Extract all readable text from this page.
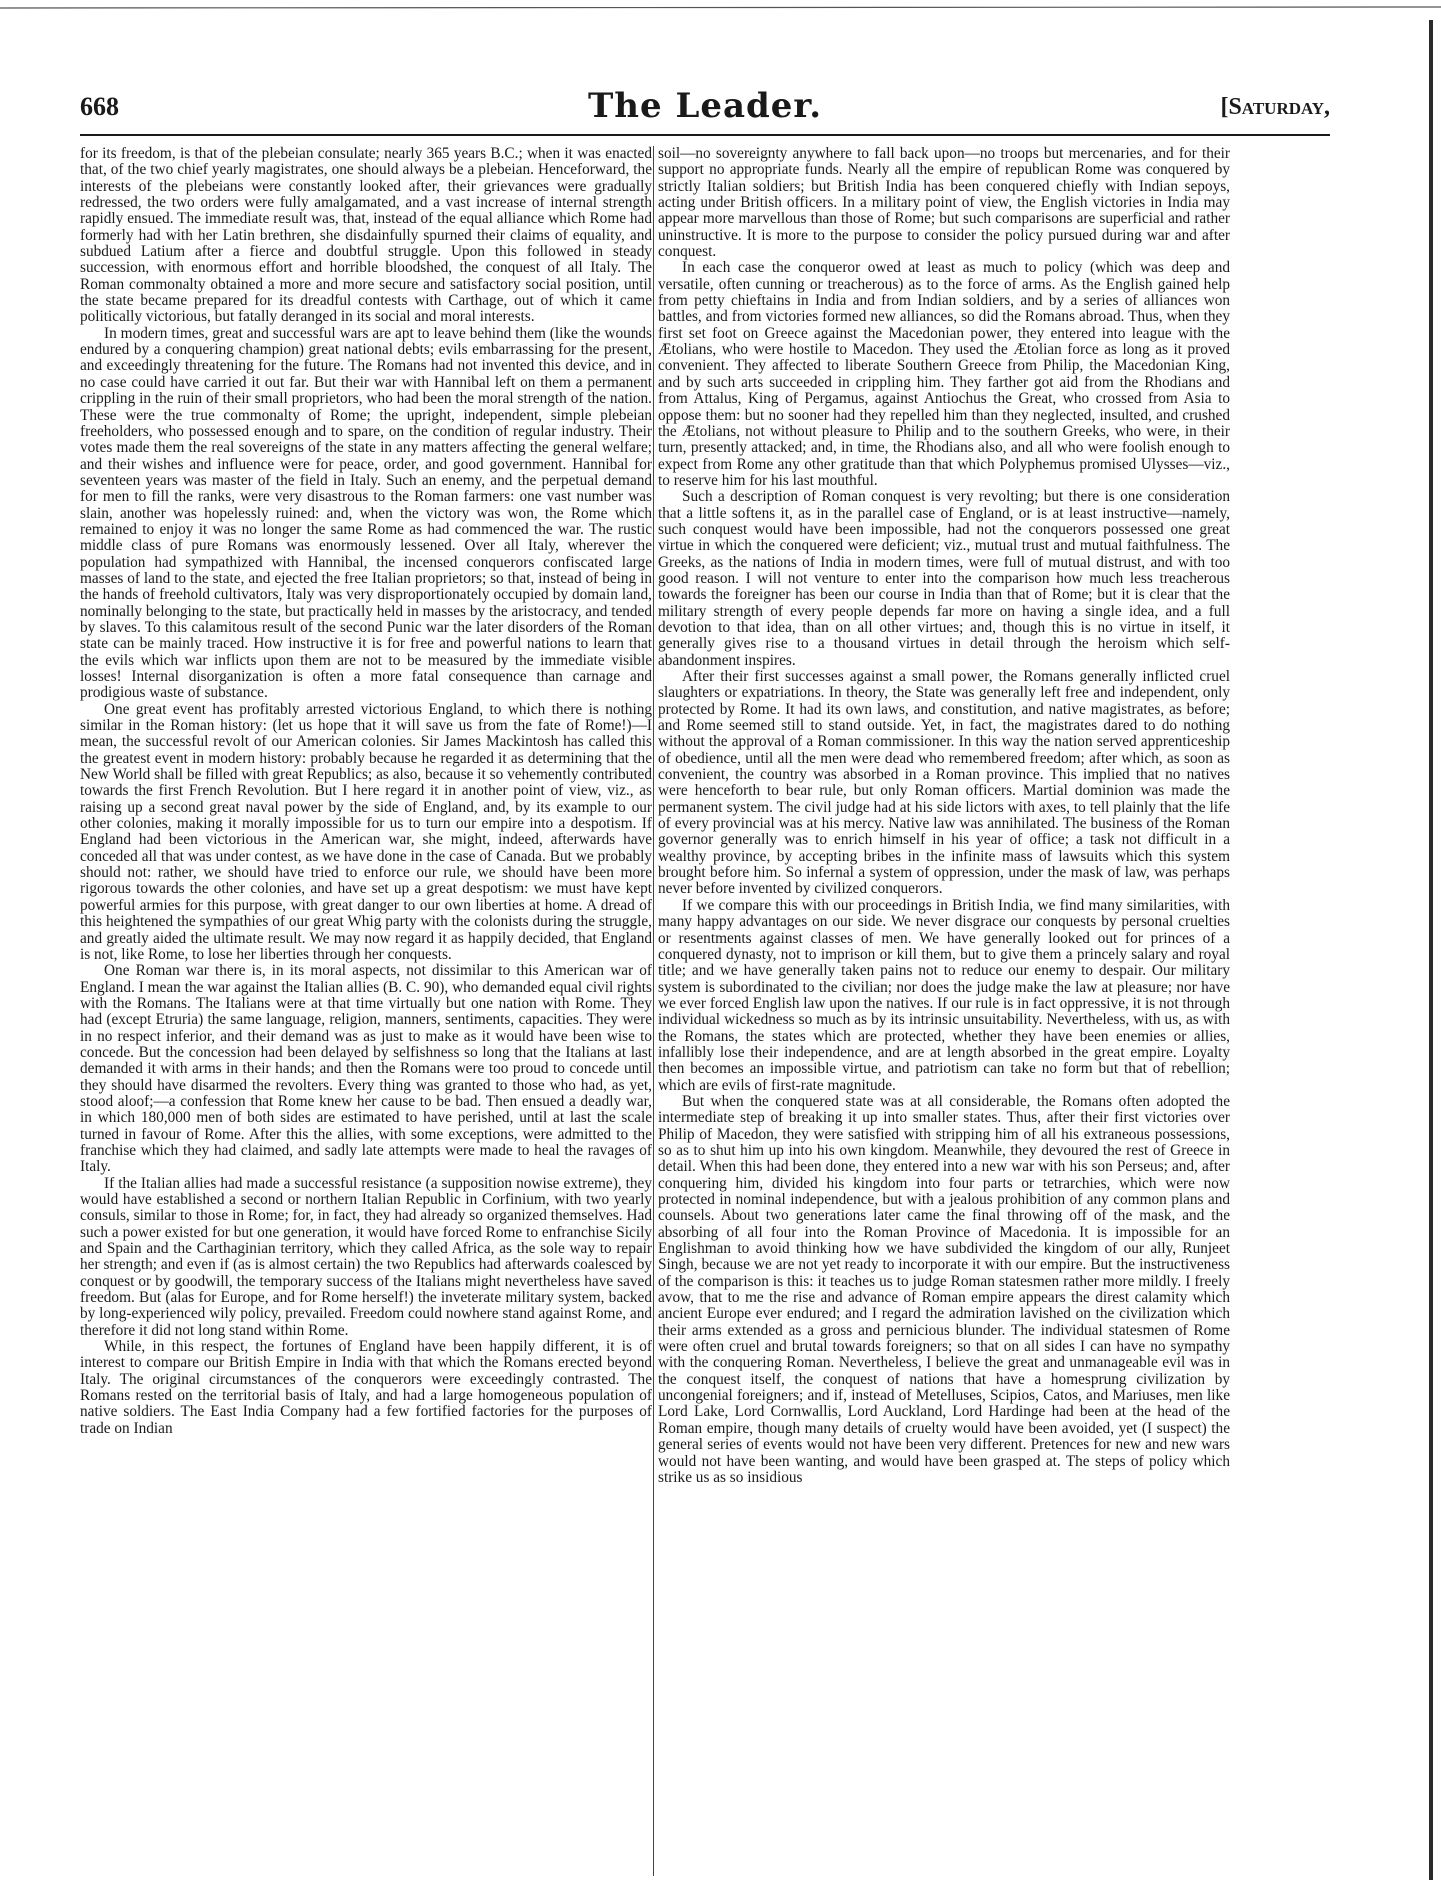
668	The Leader.	[Saturday,

for its freedom, is that of the plebeian consulate; nearly 365 years B.C.; when it was enacted that, of the two chief yearly magistrates, one should always be a plebeian. Henceforward, the interests of the plebeians were constantly looked after, their grievances were gradually redressed, the two orders were fully amalgamated, and a vast increase of internal strength rapidly ensued. The immediate result was, that, instead of the equal alliance which Rome had formerly had with her Latin brethren, she disdainfully spurned their claims of equality, and subdued Latium after a fierce and doubtful struggle. Upon this followed in steady succession, with enormous effort and horrible bloodshed, the conquest of all Italy. The Roman commonalty obtained a more and more secure and satisfactory social position, until the state became prepared for its dreadful contests with Carthage, out of which it came politically victorious, but fatally deranged in its social and moral interests.

In modern times, great and successful wars are apt to leave behind them (like the wounds endured by a conquering champion) great national debts; evils embarrassing for the present, and exceedingly threatening for the future. The Romans had not invented this device, and in no case could have carried it out far. But their war with Hannibal left on them a permanent crippling in the ruin of their small proprietors, who had been the moral strength of the nation. These were the true commonalty of Rome; the upright, independent, simple plebeian freeholders, who possessed enough and to spare, on the condition of regular industry. Their votes made them the real sovereigns of the state in any matters affecting the general welfare; and their wishes and influence were for peace, order, and good government. Hannibal for seventeen years was master of the field in Italy. Such an enemy, and the perpetual demand for men to fill the ranks, were very disastrous to the Roman farmers: one vast number was slain, another was hopelessly ruined: and, when the victory was won, the Rome which remained to enjoy it was no longer the same Rome as had commenced the war. The rustic middle class of pure Romans was enormously lessened. Over all Italy, wherever the population had sympathized with Hannibal, the incensed conquerors confiscated large masses of land to the state, and ejected the free Italian proprietors; so that, instead of being in the hands of freehold cultivators, Italy was very disproportionately occupied by domain land, nominally belonging to the state, but practically held in masses by the aristocracy, and tended by slaves. To this calamitous result of the second Punic war the later disorders of the Roman state can be mainly traced. How instructive it is for free and powerful nations to learn that the evils which war inflicts upon them are not to be measured by the immediate visible losses! Internal disorganization is often a more fatal consequence than carnage and prodigious waste of substance.

One great event has profitably arrested victorious England, to which there is nothing similar in the Roman history: (let us hope that it will save us from the fate of Rome!)—I mean, the successful revolt of our American colonies. Sir James Mackintosh has called this the greatest event in modern history: probably because he regarded it as determining that the New World shall be filled with great Republics; as also, because it so vehemently contributed towards the first French Revolution. But I here regard it in another point of view, viz., as raising up a second great naval power by the side of England, and, by its example to our other colonies, making it morally impossible for us to turn our empire into a despotism. If England had been victorious in the American war, she might, indeed, afterwards have conceded all that was under contest, as we have done in the case of Canada. But we probably should not: rather, we should have tried to enforce our rule, we should have been more rigorous towards the other colonies, and have set up a great despotism: we must have kept powerful armies for this purpose, with great danger to our own liberties at home. A dread of this heightened the sympathies of our great Whig party with the colonists during the struggle, and greatly aided the ultimate result. We may now regard it as happily decided, that England is not, like Rome, to lose her liberties through her conquests.

One Roman war there is, in its moral aspects, not dissimilar to this American war of England. I mean the war against the Italian allies (B. C. 90), who demanded equal civil rights with the Romans. The Italians were at that time virtually but one nation with Rome. They had (except Etruria) the same language, religion, manners, sentiments, capacities. They were in no respect inferior, and their demand was as just to make as it would have been wise to concede. But the concession had been delayed by selfishness so long that the Italians at last demanded it with arms in their hands; and then the Romans were too proud to concede until they should have disarmed the revolters. Every thing was granted to those who had, as yet, stood aloof;—a confession that Rome knew her cause to be bad. Then ensued a deadly war, in which 180,000 men of both sides are estimated to have perished, until at last the scale turned in favour of Rome. After this the allies, with some exceptions, were admitted to the franchise which they had claimed, and sadly late attempts were made to heal the ravages of Italy.

If the Italian allies had made a successful resistance (a supposition nowise extreme), they would have established a second or northern Italian Republic in Corfinium, with two yearly consuls, similar to those in Rome; for, in fact, they had already so organized themselves. Had such a power existed for but one generation, it would have forced Rome to enfranchise Sicily and Spain and the Carthaginian territory, which they called Africa, as the sole way to repair her strength; and even if (as is almost certain) the two Republics had afterwards coalesced by conquest or by goodwill, the temporary success of the Italians might nevertheless have saved freedom. But (alas for Europe, and for Rome herself!) the inveterate military system, backed by long-experienced wily policy, prevailed. Freedom could nowhere stand against Rome, and therefore it did not long stand within Rome.

While, in this respect, the fortunes of England have been happily different, it is of interest to compare our British Empire in India with that which the Romans erected beyond Italy. The original circumstances of the conquerors were exceedingly contrasted. The Romans rested on the territorial basis of Italy, and had a large homogeneous population of native soldiers. The East India Company had a few fortified factories for the purposes of trade on Indian

soil—no sovereignty anywhere to fall back upon—no troops but mercenaries, and for their support no appropriate funds. Nearly all the empire of republican Rome was conquered by strictly Italian soldiers; but British India has been conquered chiefly with Indian sepoys, acting under British officers. In a military point of view, the English victories in India may appear more marvellous than those of Rome; but such comparisons are superficial and rather uninstructive. It is more to the purpose to consider the policy pursued during war and after conquest.

In each case the conqueror owed at least as much to policy (which was deep and versatile, often cunning or treacherous) as to the force of arms. As the English gained help from petty chieftains in India and from Indian soldiers, and by a series of alliances won battles, and from victories formed new alliances, so did the Romans abroad. Thus, when they first set foot on Greece against the Macedonian power, they entered into league with the Ætolians, who were hostile to Macedon. They used the Ætolian force as long as it proved convenient. They affected to liberate Southern Greece from Philip, the Macedonian King, and by such arts succeeded in crippling him. They farther got aid from the Rhodians and from Attalus, King of Pergamus, against Antiochus the Great, who crossed from Asia to oppose them: but no sooner had they repelled him than they neglected, insulted, and crushed the Ætolians, not without pleasure to Philip and to the southern Greeks, who were, in their turn, presently attacked; and, in time, the Rhodians also, and all who were foolish enough to expect from Rome any other gratitude than that which Polyphemus promised Ulysses—viz., to reserve him for his last mouthful.

Such a description of Roman conquest is very revolting; but there is one consideration that a little softens it, as in the parallel case of England, or is at least instructive—namely, such conquest would have been impossible, had not the conquerors possessed one great virtue in which the conquered were deficient; viz., mutual trust and mutual faithfulness. The Greeks, as the nations of India in modern times, were full of mutual distrust, and with too good reason. I will not venture to enter into the comparison how much less treacherous towards the foreigner has been our course in India than that of Rome; but it is clear that the military strength of every people depends far more on having a single idea, and a full devotion to that idea, than on all other virtues; and, though this is no virtue in itself, it generally gives rise to a thousand virtues in detail through the heroism which self-abandonment inspires.

After their first successes against a small power, the Romans generally inflicted cruel slaughters or expatriations. In theory, the State was generally left free and independent, only protected by Rome. It had its own laws, and constitution, and native magistrates, as before; and Rome seemed still to stand outside. Yet, in fact, the magistrates dared to do nothing without the approval of a Roman commissioner. In this way the nation served apprenticeship of obedience, until all the men were dead who remembered freedom; after which, as soon as convenient, the country was absorbed in a Roman province. This implied that no natives were henceforth to bear rule, but only Roman officers. Martial dominion was made the permanent system. The civil judge had at his side lictors with axes, to tell plainly that the life of every provincial was at his mercy. Native law was annihilated. The business of the Roman governor generally was to enrich himself in his year of office; a task not difficult in a wealthy province, by accepting bribes in the infinite mass of lawsuits which this system brought before him. So infernal a system of oppression, under the mask of law, was perhaps never before invented by civilized conquerors.

If we compare this with our proceedings in British India, we find many similarities, with many happy advantages on our side. We never disgrace our conquests by personal cruelties or resentments against classes of men. We have generally looked out for princes of a conquered dynasty, not to imprison or kill them, but to give them a princely salary and royal title; and we have generally taken pains not to reduce our enemy to despair. Our military system is subordinated to the civilian; nor does the judge make the law at pleasure; nor have we ever forced English law upon the natives. If our rule is in fact oppressive, it is not through individual wickedness so much as by its intrinsic unsuitability. Nevertheless, with us, as with the Romans, the states which are protected, whether they have been enemies or allies, infallibly lose their independence, and are at length absorbed in the great empire. Loyalty then becomes an impossible virtue, and patriotism can take no form but that of rebellion; which are evils of first-rate magnitude.

But when the conquered state was at all considerable, the Romans often adopted the intermediate step of breaking it up into smaller states. Thus, after their first victories over Philip of Macedon, they were satisfied with stripping him of all his extraneous possessions, so as to shut him up into his own kingdom. Meanwhile, they devoured the rest of Greece in detail. When this had been done, they entered into a new war with his son Perseus; and, after conquering him, divided his kingdom into four parts or tetrarchies, which were now protected in nominal independence, but with a jealous prohibition of any common plans and counsels. About two generations later came the final throwing off of the mask, and the absorbing of all four into the Roman Province of Macedonia. It is impossible for an Englishman to avoid thinking how we have subdivided the kingdom of our ally, Runjeet Singh, because we are not yet ready to incorporate it with our empire. But the instructiveness of the comparison is this: it teaches us to judge Roman statesmen rather more mildly. I freely avow, that to me the rise and advance of Roman empire appears the direst calamity which ancient Europe ever endured; and I regard the admiration lavished on the civilization which their arms extended as a gross and pernicious blunder. The individual statesmen of Rome were often cruel and brutal towards foreigners; so that on all sides I can have no sympathy with the conquering Roman. Nevertheless, I believe the great and unmanageable evil was in the conquest itself, the conquest of nations that have a homesprung civilization by uncongenial foreigners; and if, instead of Metelluses, Scipios, Catos, and Mariuses, men like Lord Lake, Lord Cornwallis, Lord Auckland, Lord Hardinge had been at the head of the Roman empire, though many details of cruelty would have been avoided, yet (I suspect) the general series of events would not have been very different. Pretences for new and new wars would not have been wanting, and would have been grasped at. The steps of policy which strike us as so insidious
